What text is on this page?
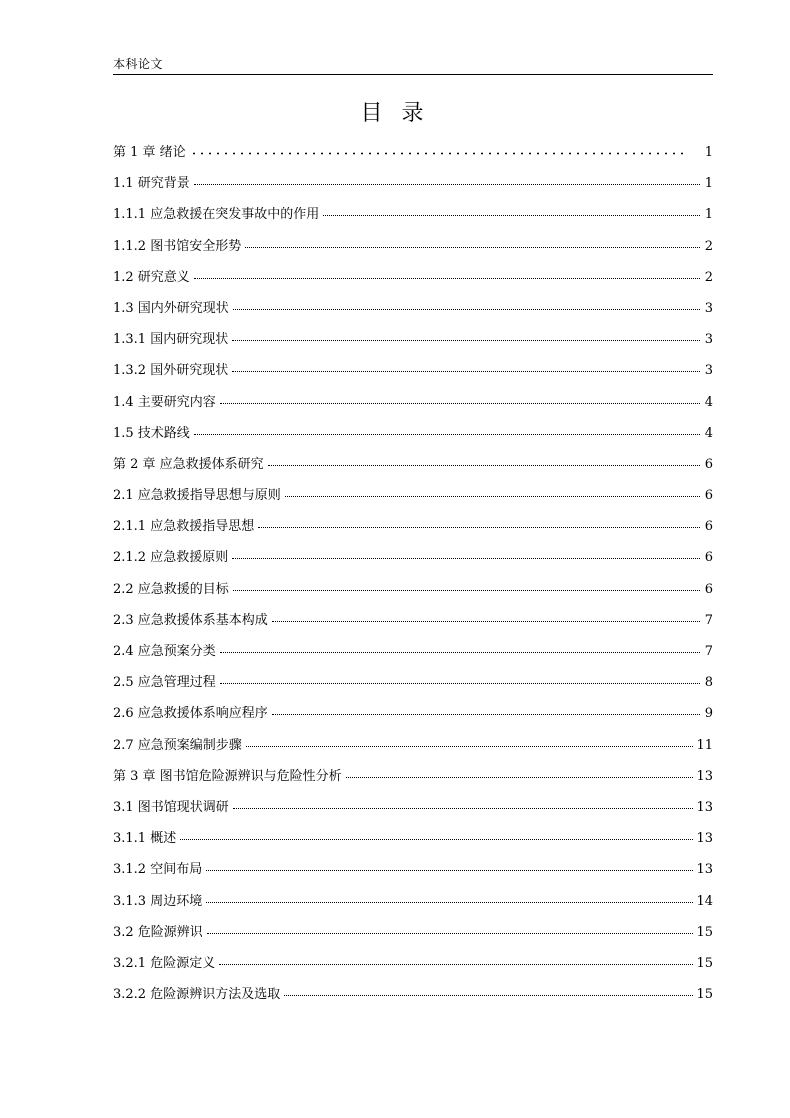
本科论文
目 录
第 1 章 绪论	1
1.1 研究背景	1
1.1.1 应急救援在突发事故中的作用	1
1.1.2 图书馆安全形势	2
1.2 研究意义	2
1.3 国内外研究现状	3
1.3.1 国内研究现状	3
1.3.2 国外研究现状	3
1.4 主要研究内容	4
1.5 技术路线	4
第 2 章 应急救援体系研究	6
2.1 应急救援指导思想与原则	6
2.1.1 应急救援指导思想	6
2.1.2 应急救援原则	6
2.2 应急救援的目标	6
2.3 应急救援体系基本构成	7
2.4 应急预案分类	7
2.5 应急管理过程	8
2.6 应急救援体系响应程序	9
2.7 应急预案编制步骤	11
第 3 章 图书馆危险源辨识与危险性分析	13
3.1 图书馆现状调研	13
3.1.1 概述	13
3.1.2 空间布局	13
3.1.3 周边环境	14
3.2 危险源辨识	15
3.2.1 危险源定义	15
3.2.2 危险源辨识方法及选取	15
